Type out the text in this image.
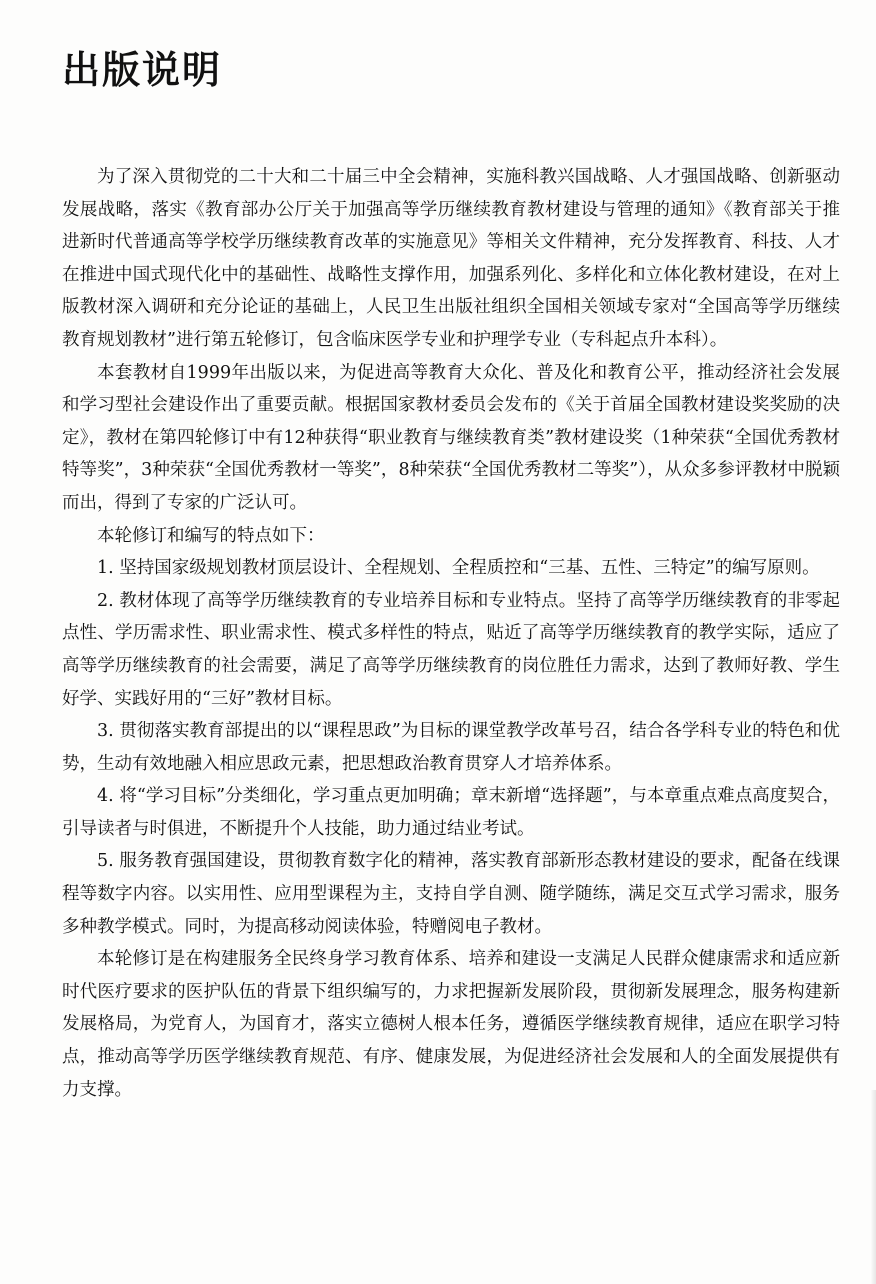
出版说明

为了深入贯彻党的二十大和二十届三中全会精神，实施科教兴国战略、人才强国战略、创新驱动发展战略，落实《教育部办公厅关于加强高等学历继续教育教材建设与管理的通知》《教育部关于推进新时代普通高等学校学历继续教育改革的实施意见》等相关文件精神，充分发挥教育、科技、人才在推进中国式现代化中的基础性、战略性支撑作用，加强系列化、多样化和立体化教材建设，在对上版教材深入调研和充分论证的基础上，人民卫生出版社组织全国相关领域专家对“全国高等学历继续教育规划教材”进行第五轮修订，包含临床医学专业和护理学专业（专科起点升本科）。

本套教材自1999年出版以来，为促进高等教育大众化、普及化和教育公平，推动经济社会发展和学习型社会建设作出了重要贡献。根据国家教材委员会发布的《关于首届全国教材建设奖奖励的决定》，教材在第四轮修订中有12种获得“职业教育与继续教育类”教材建设奖（1种荣获“全国优秀教材特等奖”，3种荣获“全国优秀教材一等奖”，8种荣获“全国优秀教材二等奖”），从众多参评教材中脱颖而出，得到了专家的广泛认可。

本轮修订和编写的特点如下：

1. 坚持国家级规划教材顶层设计、全程规划、全程质控和“三基、五性、三特定”的编写原则。

2. 教材体现了高等学历继续教育的专业培养目标和专业特点。坚持了高等学历继续教育的非零起点性、学历需求性、职业需求性、模式多样性的特点，贴近了高等学历继续教育的教学实际，适应了高等学历继续教育的社会需要，满足了高等学历继续教育的岗位胜任力需求，达到了教师好教、学生好学、实践好用的“三好”教材目标。

3. 贯彻落实教育部提出的以“课程思政”为目标的课堂教学改革号召，结合各学科专业的特色和优势，生动有效地融入相应思政元素，把思想政治教育贯穿人才培养体系。

4. 将“学习目标”分类细化，学习重点更加明确；章末新增“选择题”，与本章重点难点高度契合，引导读者与时俱进，不断提升个人技能，助力通过结业考试。

5. 服务教育强国建设，贯彻教育数字化的精神，落实教育部新形态教材建设的要求，配备在线课程等数字内容。以实用性、应用型课程为主，支持自学自测、随学随练，满足交互式学习需求，服务多种教学模式。同时，为提高移动阅读体验，特赠阅电子教材。

本轮修订是在构建服务全民终身学习教育体系、培养和建设一支满足人民群众健康需求和适应新时代医疗要求的医护队伍的背景下组织编写的，力求把握新发展阶段，贯彻新发展理念，服务构建新发展格局，为党育人，为国育才，落实立德树人根本任务，遵循医学继续教育规律，适应在职学习特点，推动高等学历医学继续教育规范、有序、健康发展，为促进经济社会发展和人的全面发展提供有力支撑。
